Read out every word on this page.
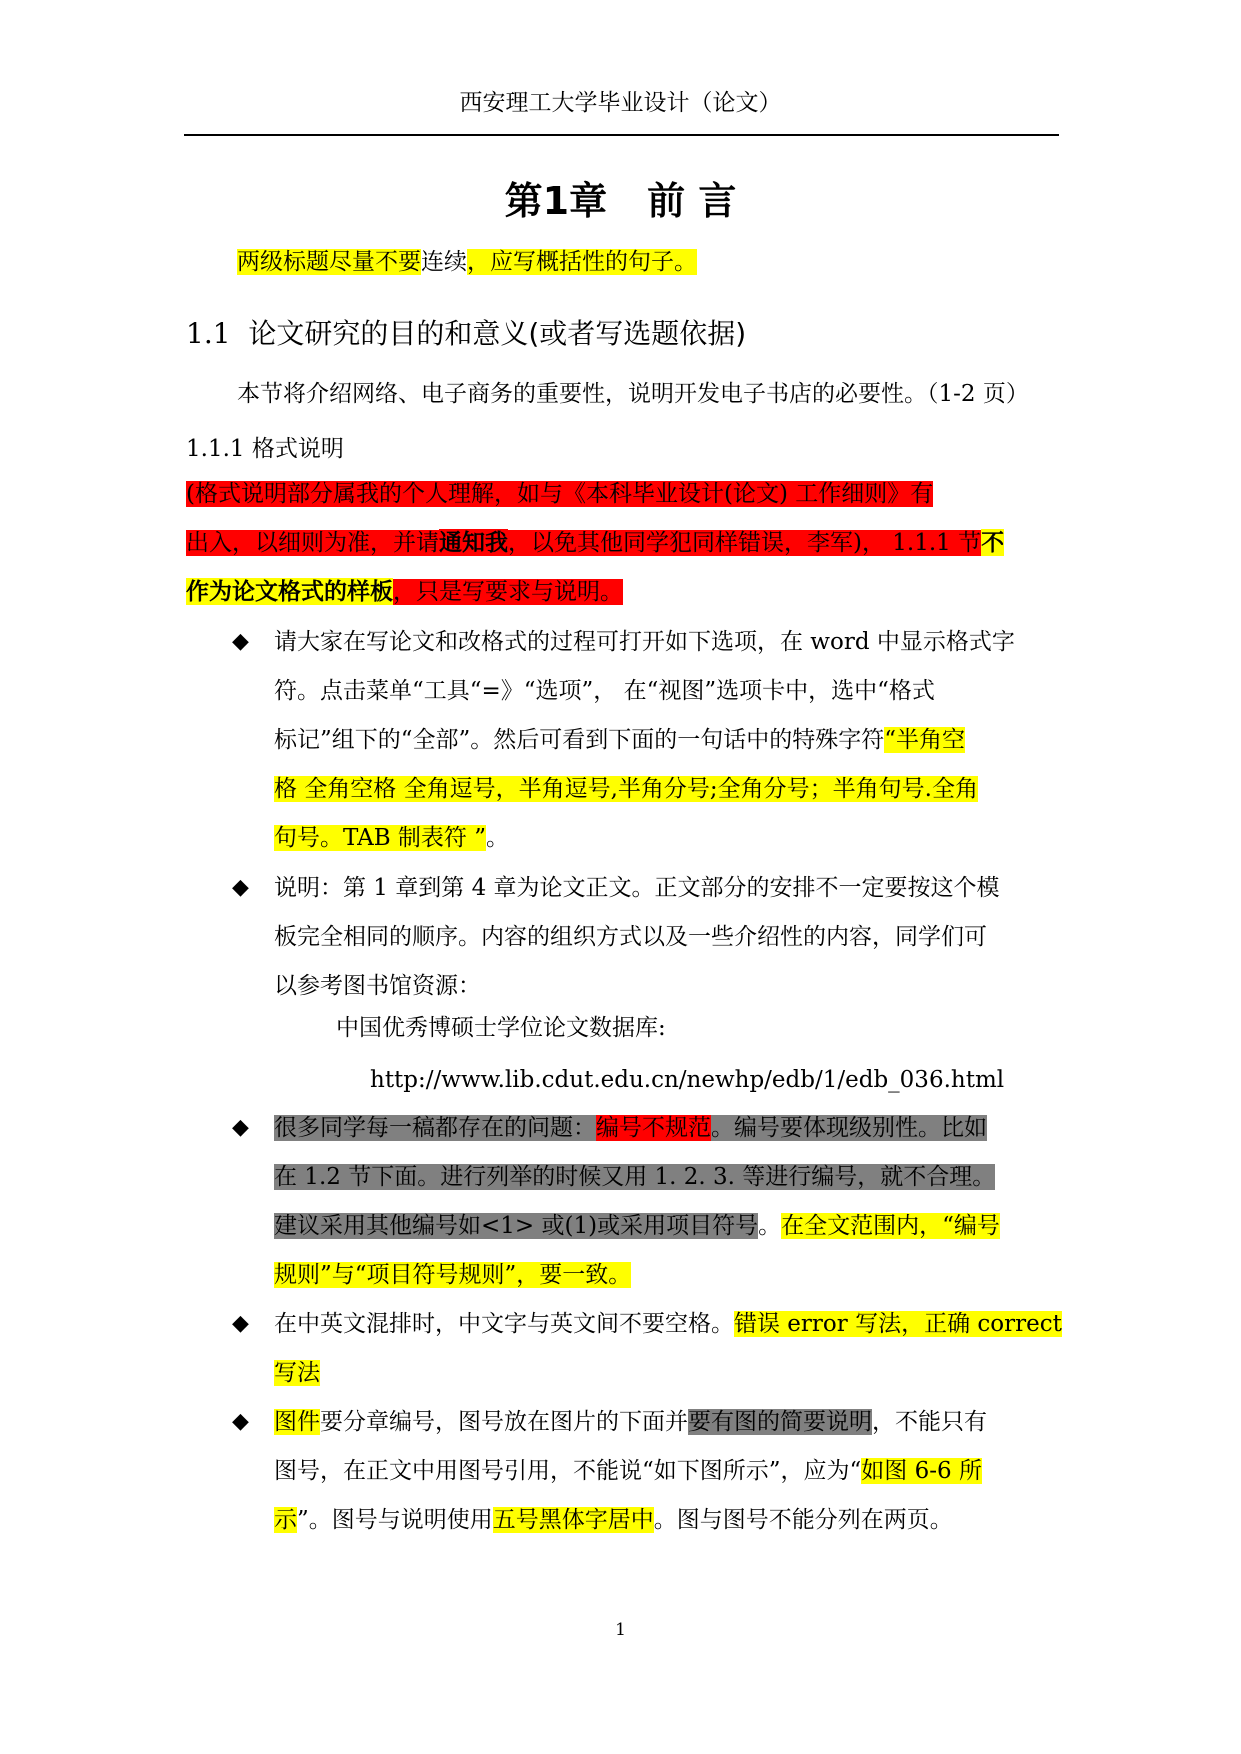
西安理工大学毕业设计（论文）
第1章 前 言
两级标题尽量不要连续，应写概括性的句子。
1.1 论文研究的目的和意义(或者写选题依据)
本节将介绍网络、电子商务的重要性，说明开发电子书店的必要性。（1-2 页）
1.1.1 格式说明
(格式说明部分属我的个人理解，如与《本科毕业设计(论文) 工作细则》有
出入，以细则为准，并请通知我，以免其他同学犯同样错误，李军)， 1.1.1 节不
作为论文格式的样板，只是写要求与说明。
◆ 请大家在写论文和改格式的过程可打开如下选项，在 word 中显示格式字
符。点击菜单“工具“=》“选项”， 在“视图”选项卡中，选中“格式
标记”组下的“全部”。然后可看到下面的一句话中的特殊字符“半角空
格 全角空格 全角逗号，半角逗号,半角分号;全角分号；半角句号.全角
句号。TAB 制表符 ”。
◆ 说明：第 1 章到第 4 章为论文正文。正文部分的安排不一定要按这个模
板完全相同的顺序。内容的组织方式以及一些介绍性的内容，同学们可
以参考图书馆资源：
中国优秀博硕士学位论文数据库:
http://www.lib.cdut.edu.cn/newhp/edb/1/edb_036.html
◆ 很多同学每一稿都存在的问题：编号不规范。编号要体现级别性。比如
在 1.2 节下面。进行列举的时候又用 1. 2. 3. 等进行编号，就不合理。
建议采用其他编号如<1> 或(1)或采用项目符号。在全文范围内，“编号
规则”与“项目符号规则”，要一致。
◆ 在中英文混排时，中文字与英文间不要空格。错误 error 写法，正确 correct
写法
◆ 图件要分章编号，图号放在图片的下面并要有图的简要说明，不能只有
图号，在正文中用图号引用，不能说“如下图所示”，应为“如图 6-6 所
示”。图号与说明使用五号黑体字居中。图与图号不能分列在两页。
1
